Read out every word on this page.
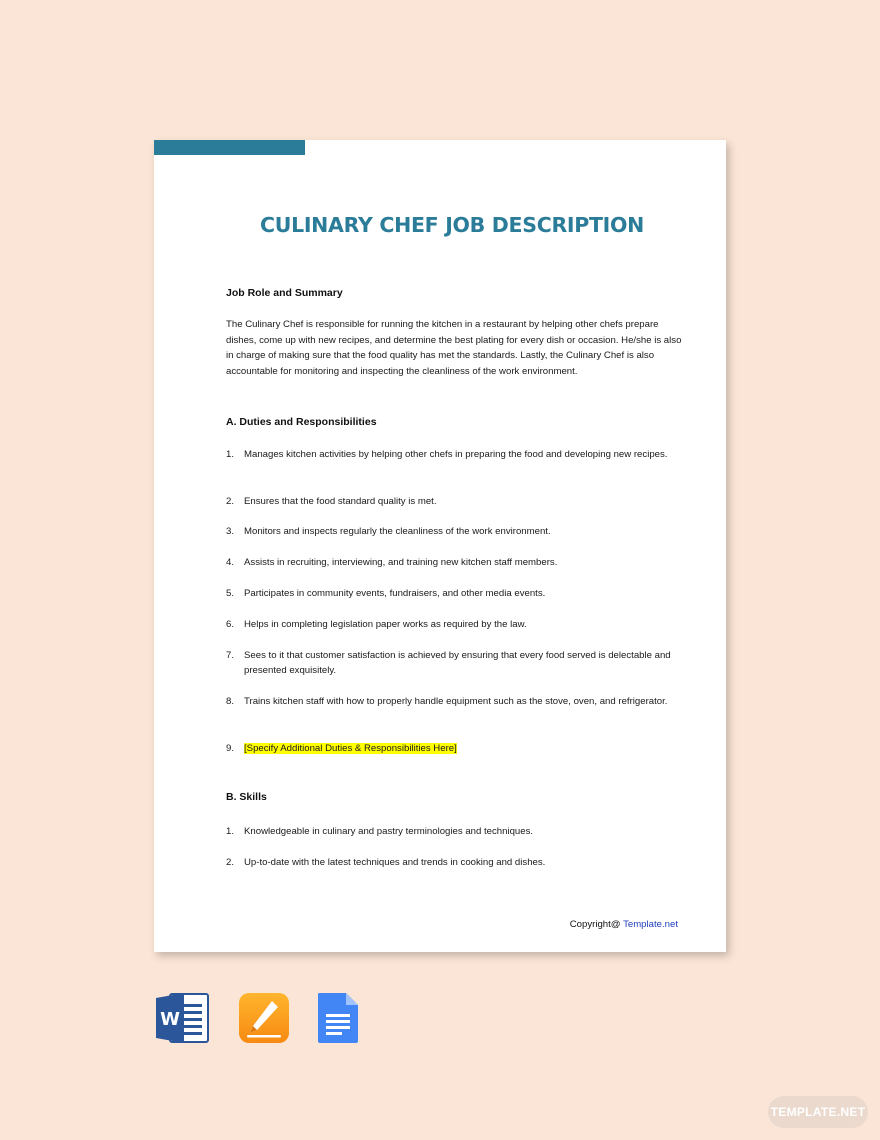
CULINARY CHEF JOB DESCRIPTION
Job Role and Summary
The Culinary Chef is responsible for running the kitchen in a restaurant by helping other chefs prepare dishes, come up with new recipes, and determine the best plating for every dish or occasion. He/she is also in charge of making sure that the food quality has met the standards. Lastly, the Culinary Chef is also accountable for monitoring and inspecting the cleanliness of the work environment.
A. Duties and Responsibilities
1. Manages kitchen activities by helping other chefs in preparing the food and developing new recipes.
2. Ensures that the food standard quality is met.
3. Monitors and inspects regularly the cleanliness of the work environment.
4. Assists in recruiting, interviewing, and training new kitchen staff members.
5. Participates in community events, fundraisers, and other media events.
6. Helps in completing legislation paper works as required by the law.
7. Sees to it that customer satisfaction is achieved by ensuring that every food served is delectable and presented exquisitely.
8. Trains kitchen staff with how to properly handle equipment such as the stove, oven, and refrigerator.
9. [Specify Additional Duties & Responsibilities Here]
B. Skills
1. Knowledgeable in culinary and pastry terminologies and techniques.
2. Up-to-date with the latest techniques and trends in cooking and dishes.
Copyright@ Template.net
W
TEMPLATE.NET
